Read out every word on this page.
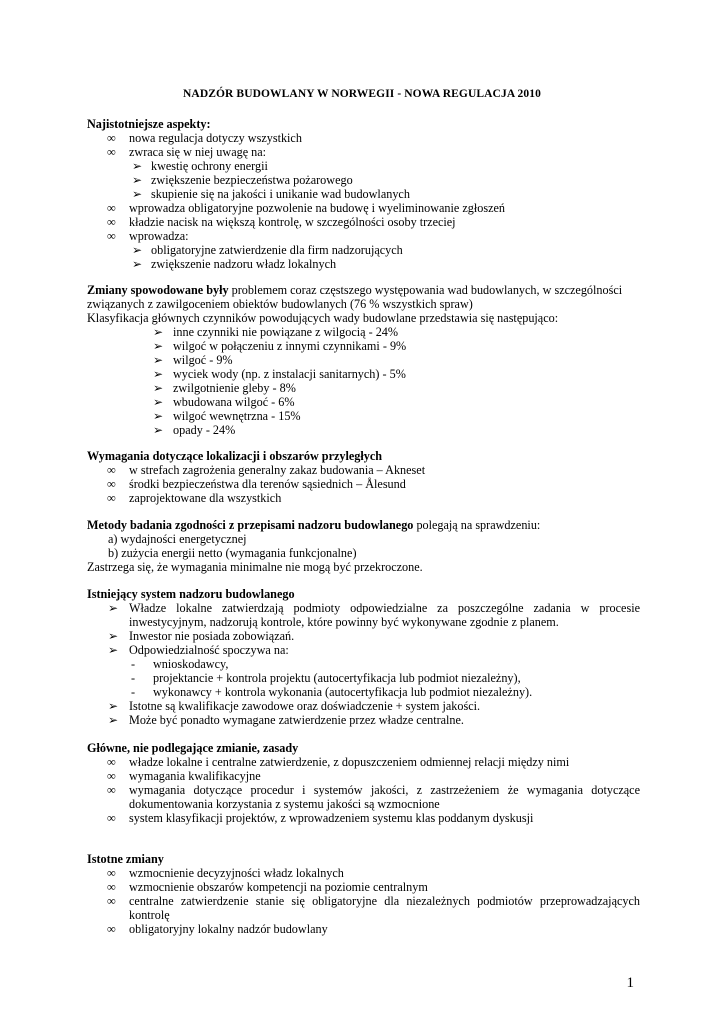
NADZÓR BUDOWLANY W NORWEGII - NOWA REGULACJA 2010
Najistotniejsze aspekty:
∞ nowa regulacja dotyczy wszystkich
∞ zwraca się w niej uwagę na:
➢ kwestię ochrony energii
➢ zwiększenie bezpieczeństwa pożarowego
➢ skupienie się na jakości i unikanie wad budowlanych
∞ wprowadza obligatoryjne pozwolenie na budowę i wyeliminowanie zgłoszeń
∞ kładzie nacisk na większą kontrolę, w szczególności osoby trzeciej
∞ wprowadza:
➢ obligatoryjne zatwierdzenie dla firm nadzorujących
➢ zwiększenie nadzoru władz lokalnych
Zmiany spowodowane były problemem coraz częstszego występowania wad budowlanych, w szczególności
związanych z zawilgoceniem obiektów budowlanych (76 % wszystkich spraw)
Klasyfikacja głównych czynników powodujących wady budowlane przedstawia się następująco:
➢ inne czynniki nie powiązane z wilgocią - 24%
➢ wilgoć w połączeniu z innymi czynnikami - 9%
➢ wilgoć - 9%
➢ wyciek wody (np. z instalacji sanitarnych) - 5%
➢ zwilgotnienie gleby - 8%
➢ wbudowana wilgoć - 6%
➢ wilgoć wewnętrzna - 15%
➢ opady - 24%
Wymagania dotyczące lokalizacji i obszarów przyległych
∞ w strefach zagrożenia generalny zakaz budowania – Akneset
∞ środki bezpieczeństwa dla terenów sąsiednich – Ålesund
∞ zaprojektowane dla wszystkich
Metody badania zgodności z przepisami nadzoru budowlanego polegają na sprawdzeniu:
a) wydajności energetycznej
b) zużycia energii netto (wymagania funkcjonalne)
Zastrzega się, że wymagania minimalne nie mogą być przekroczone.
Istniejący system nadzoru budowlanego
➢ Władze lokalne zatwierdzają podmioty odpowiedzialne za poszczególne zadania w procesie inwestycyjnym, nadzorują kontrole, które powinny być wykonywane zgodnie z planem.
➢ Inwestor nie posiada zobowiązań.
➢ Odpowiedzialność spoczywa na:
- wnioskodawcy,
- projektancie + kontrola projektu (autocertyfikacja lub podmiot niezależny),
- wykonawcy + kontrola wykonania (autocertyfikacja lub podmiot niezależny).
➢ Istotne są kwalifikacje zawodowe oraz doświadczenie + system jakości.
➢ Może być ponadto wymagane zatwierdzenie przez władze centralne.
Główne, nie podlegające zmianie, zasady
∞ władze lokalne i centralne zatwierdzenie, z dopuszczeniem odmiennej relacji między nimi
∞ wymagania kwalifikacyjne
∞ wymagania dotyczące procedur i systemów jakości, z zastrzeżeniem że wymagania dotyczące dokumentowania korzystania z systemu jakości są wzmocnione
∞ system klasyfikacji projektów, z wprowadzeniem systemu klas poddanym dyskusji
Istotne zmiany
∞ wzmocnienie decyzyjności władz lokalnych
∞ wzmocnienie obszarów kompetencji na poziomie centralnym
∞ centralne zatwierdzenie stanie się obligatoryjne dla niezależnych podmiotów przeprowadzających kontrolę
∞ obligatoryjny lokalny nadzór budowlany
1
